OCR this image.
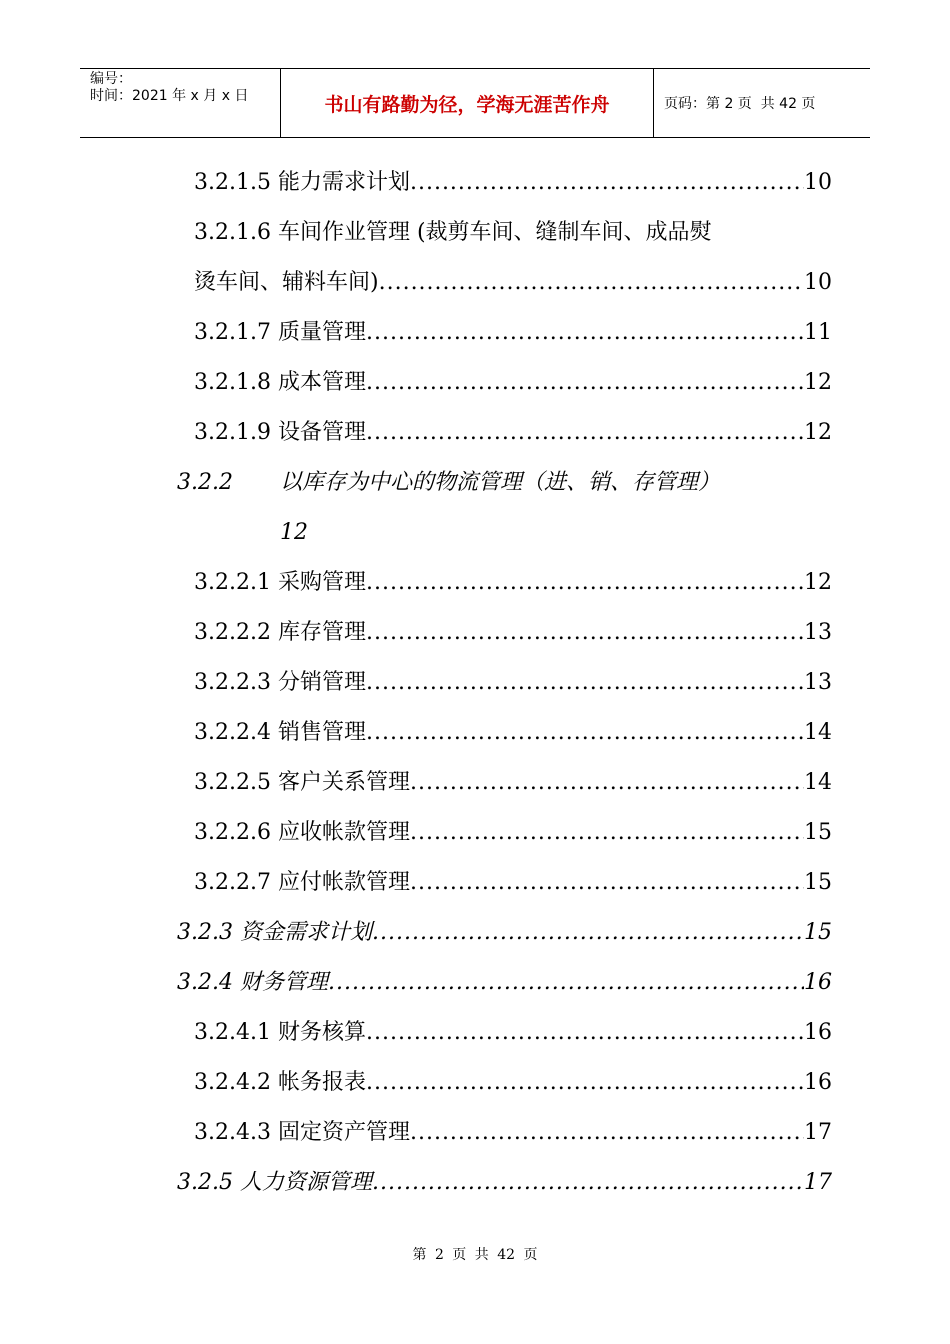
编号：
时间：2021 年 x 月 x 日	书山有路勤为径，学海无涯苦作舟	页码：第 2 页  共 42 页
3.2.1.5 能力需求计划 .....	10
3.2.1.6 车间作业管理 (裁剪车间、缝制车间、成品熨
烫车间、辅料车间) .....	10
3.2.1.7 质量管理 .....	11
3.2.1.8 成本管理 .....	12
3.2.1.9 设备管理 .....	12
3.2.2 以库存为中心的物流管理（进、销、存管理）
12
3.2.2.1 采购管理 .....	12
3.2.2.2 库存管理 .....	13
3.2.2.3 分销管理 .....	13
3.2.2.4 销售管理 .....	14
3.2.2.5 客户关系管理 .....	14
3.2.2.6 应收帐款管理 .....	15
3.2.2.7 应付帐款管理 .....	15
3.2.3 资金需求计划 .....	15
3.2.4 财务管理 .....	16
3.2.4.1 财务核算 .....	16
3.2.4.2 帐务报表 .....	16
3.2.4.3 固定资产管理 .....	17
3.2.5 人力资源管理 .....	17
第 2 页 共 42 页
